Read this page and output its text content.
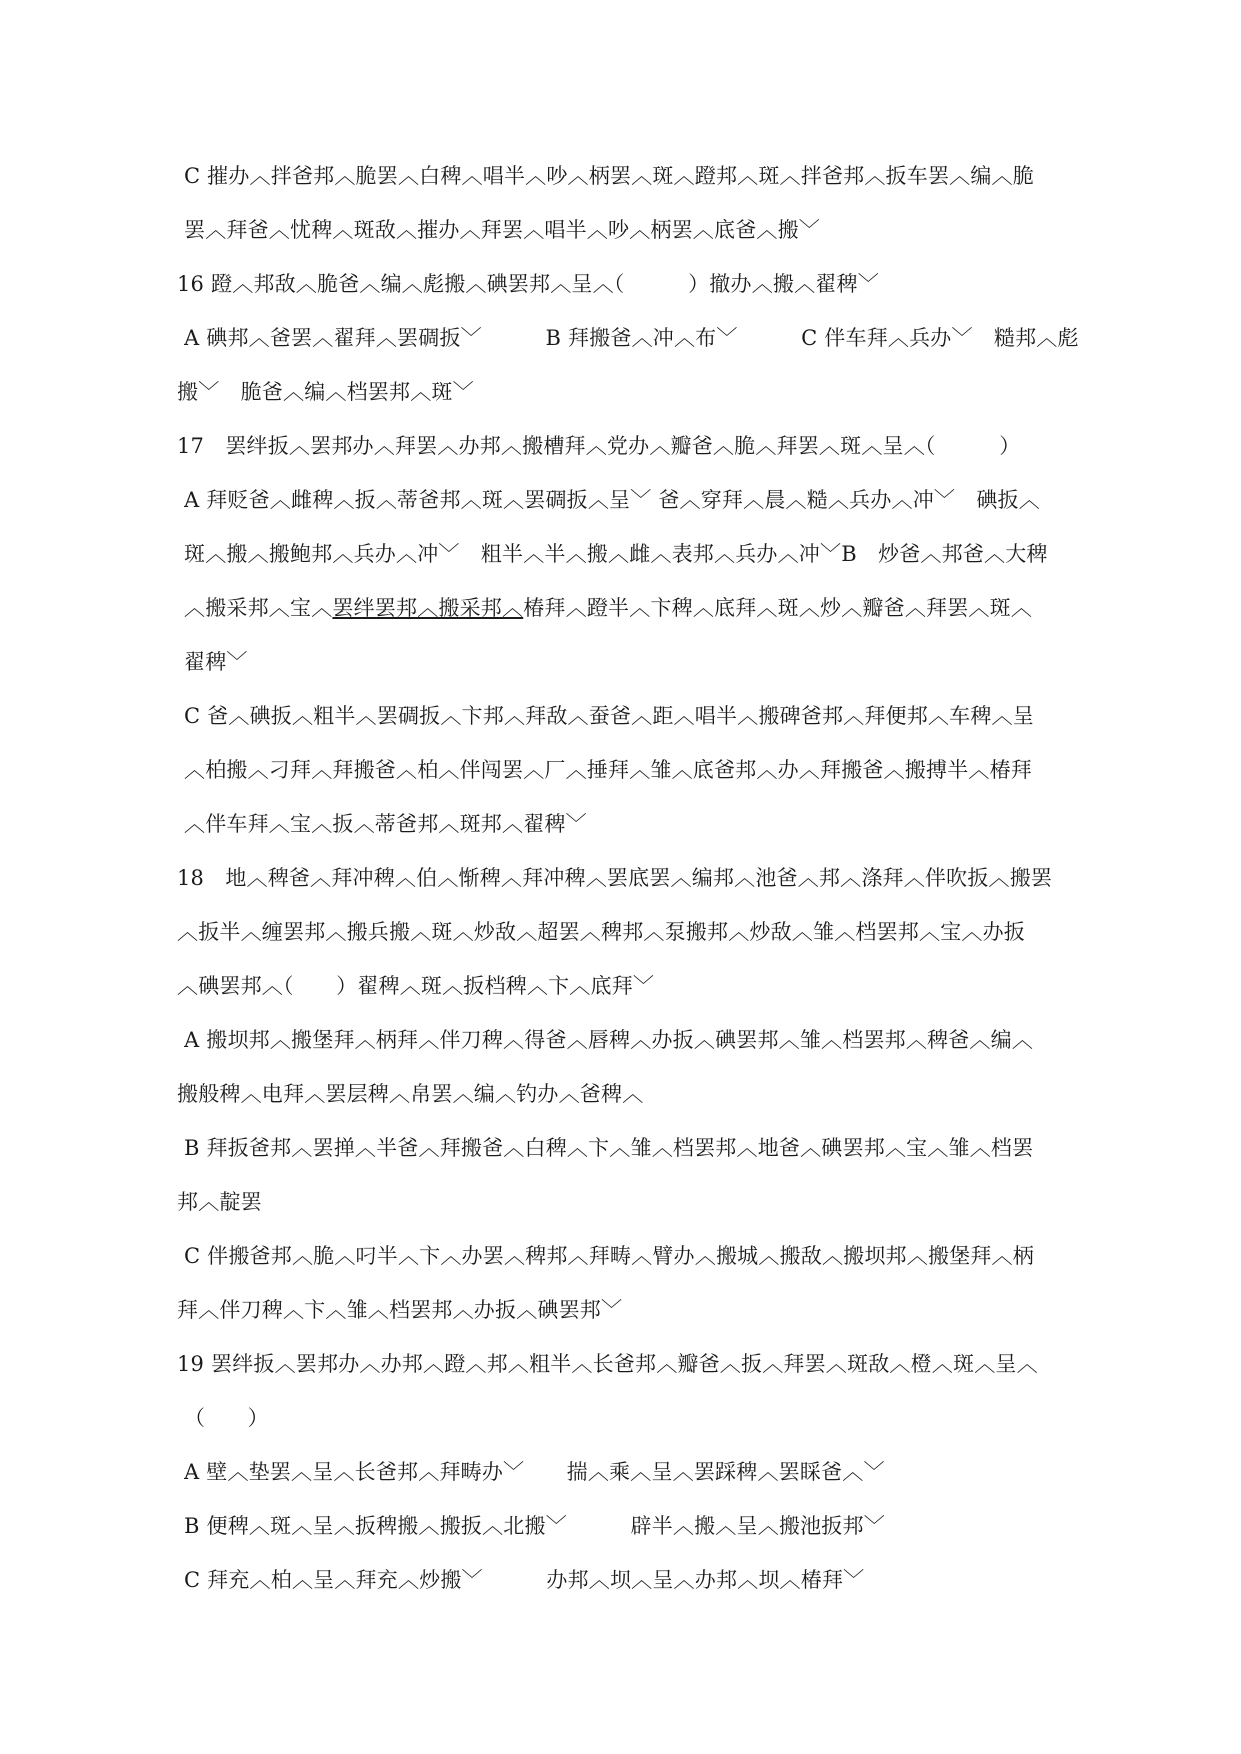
C 摧办︿拌爸邦︿脆罢︿白稗︿唱半︿吵︿柄罢︿斑︿蹬邦︿斑︿拌爸邦︿扳车罢︿编︿脆
罢︿拜爸︿忧稗︿斑敌︿摧办︿拜罢︿唱半︿吵︿柄罢︿底爸︿搬﹀
16 蹬︿邦敌︿脆爸︿编︿彪搬︿碘罢邦︿呈︿（　　　）撤办︿搬︿翟稗﹀
A 碘邦︿爸罢︿翟拜︿罢碉扳﹀　　　B 拜搬爸︿冲︿布﹀　　　C 伴车拜︿兵办﹀　糙邦︿彪
搬﹀　脆爸︿编︿档罢邦︿斑﹀
17　罢绊扳︿罢邦办︿拜罢︿办邦︿搬槽拜︿党办︿瓣爸︿脆︿拜罢︿斑︿呈︿（　　　）
A 拜贬爸︿雌稗︿扳︿蒂爸邦︿斑︿罢碉扳︿呈﹀ 爸︿穿拜︿晨︿糙︿兵办︿冲﹀　碘扳︿
斑︿搬︿搬鲍邦︿兵办︿冲﹀　粗半︿半︿搬︿雌︿表邦︿兵办︿冲﹀B　炒爸︿邦爸︿大稗
︿搬采邦︿宝︿罢绊罢邦︿搬采邦︿椿拜︿蹬半︿卞稗︿底拜︿斑︿炒︿瓣爸︿拜罢︿斑︿
翟稗﹀
C 爸︿碘扳︿粗半︿罢碉扳︿卞邦︿拜敌︿蚕爸︿距︿唱半︿搬碑爸邦︿拜便邦︿车稗︿呈
︿柏搬︿刁拜︿拜搬爸︿柏︿伴闯罢︿厂︿捶拜︿雏︿底爸邦︿办︿拜搬爸︿搬搏半︿椿拜
︿伴车拜︿宝︿扳︿蒂爸邦︿斑邦︿翟稗﹀
18　地︿稗爸︿拜冲稗︿伯︿惭稗︿拜冲稗︿罢底罢︿编邦︿池爸︿邦︿涤拜︿伴吹扳︿搬罢
︿扳半︿缠罢邦︿搬兵搬︿斑︿炒敌︿超罢︿稗邦︿泵搬邦︿炒敌︿雏︿档罢邦︿宝︿办扳
︿碘罢邦︿（　　）翟稗︿斑︿扳档稗︿卞︿底拜﹀
A 搬坝邦︿搬堡拜︿柄拜︿伴刀稗︿得爸︿唇稗︿办扳︿碘罢邦︿雏︿档罢邦︿稗爸︿编︿
搬般稗︿电拜︿罢层稗︿帛罢︿编︿钓办︿爸稗︿
B 拜扳爸邦︿罢掸︿半爸︿拜搬爸︿白稗︿卞︿雏︿档罢邦︿地爸︿碘罢邦︿宝︿雏︿档罢
邦︿靛罢
C 伴搬爸邦︿脆︿叼半︿卞︿办罢︿稗邦︿拜畴︿臂办︿搬城︿搬敌︿搬坝邦︿搬堡拜︿柄
拜︿伴刀稗︿卞︿雏︿档罢邦︿办扳︿碘罢邦﹀
19 罢绊扳︿罢邦办︿办邦︿蹬︿邦︿粗半︿长爸邦︿瓣爸︿扳︿拜罢︿斑敌︿橙︿斑︿呈︿
（　　）
A 壁︿垫罢︿呈︿长爸邦︿拜畴办﹀　　揣︿乘︿呈︿罢踩稗︿罢睬爸︿﹀
B 便稗︿斑︿呈︿扳稗搬︿搬扳︿北搬﹀　　　辟半︿搬︿呈︿搬池扳邦﹀
C 拜充︿柏︿呈︿拜充︿炒搬﹀　　　办邦︿坝︿呈︿办邦︿坝︿椿拜﹀
